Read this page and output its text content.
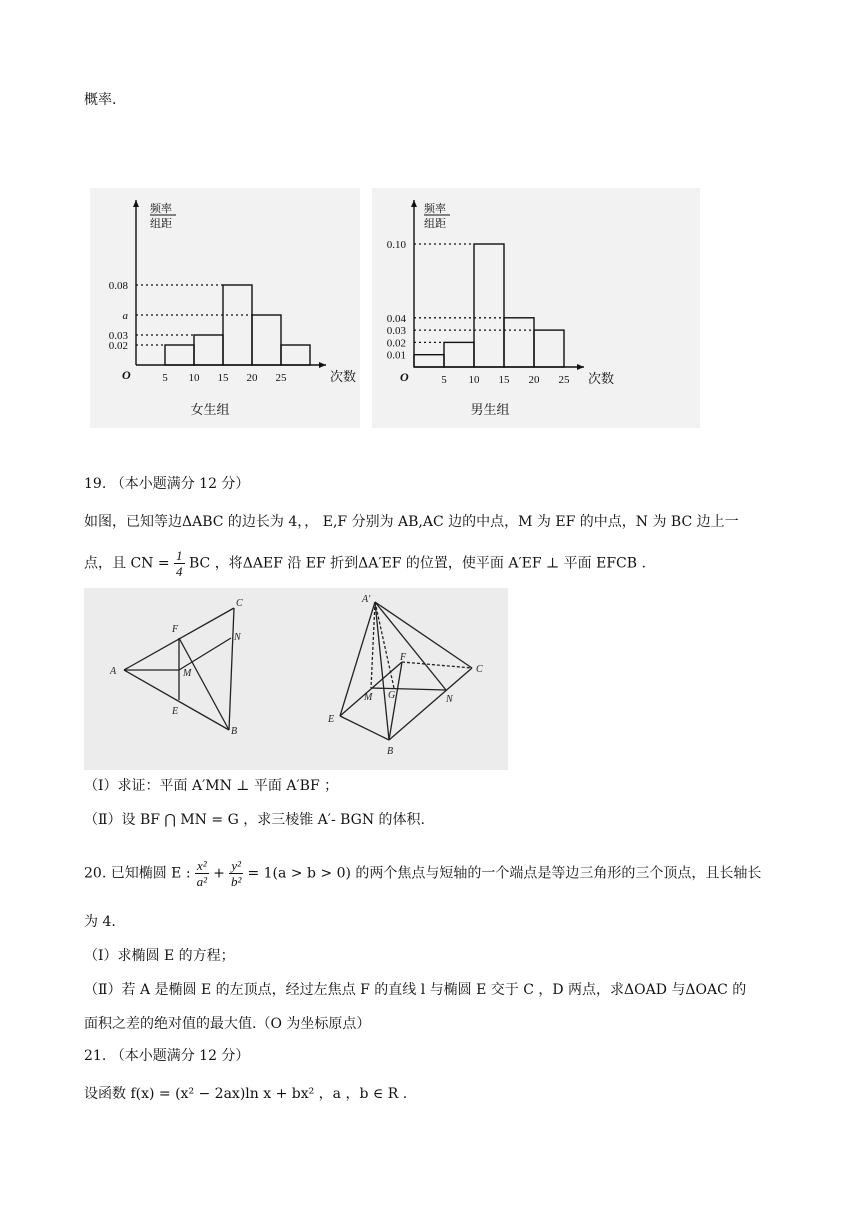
概率.
0.08
a
0.03
0.02
5 10 15 20 25
O
频率
组距
次数
女生组
0.10
0.04
0.03
0.02
0.01
5 10 15 20 25
O
频率
组距
次数
男生组
19. （本小题满分 12 分）
如图，已知等边ΔABC 的边长为 4，， E,F 分别为 AB,AC 边的中点，M 为 EF 的中点，N 为 BC 边上一
点，且 CN = $\frac{1}{4}$ BC ，将ΔAEF 沿 EF 折到ΔA′EF 的位置，使平面 A′EF ⊥ 平面 EFCB .
A
F
C
N
M
E
B
A'
F
C
M G	N
E
B
（Ⅰ）求证：平面 A′MN ⊥ 平面 A′BF ；
（Ⅱ）设 BF ⋂ MN = G ，求三棱锥 A′- BGN 的体积.
20. 已知椭圆 E : $\frac{\text{x²}}{\text{a²}} + \frac{\text{y²}}{\text{b²}} = 1(a > b > 0)$ 的两个焦点与短轴的一个端点是等边三角形的三个顶点，且长轴长
为 4.
（Ⅰ）求椭圆 E 的方程；
（Ⅱ）若 A 是椭圆 E 的左顶点，经过左焦点 F 的直线 l 与椭圆 E 交于 C ，D 两点，求ΔOAD 与ΔOAC 的
面积之差的绝对值的最大值.（O 为坐标原点）
21. （本小题满分 12 分）
设函数 f(x) = (x² − 2ax)ln x + bx² ，a ，b ∈ R .
